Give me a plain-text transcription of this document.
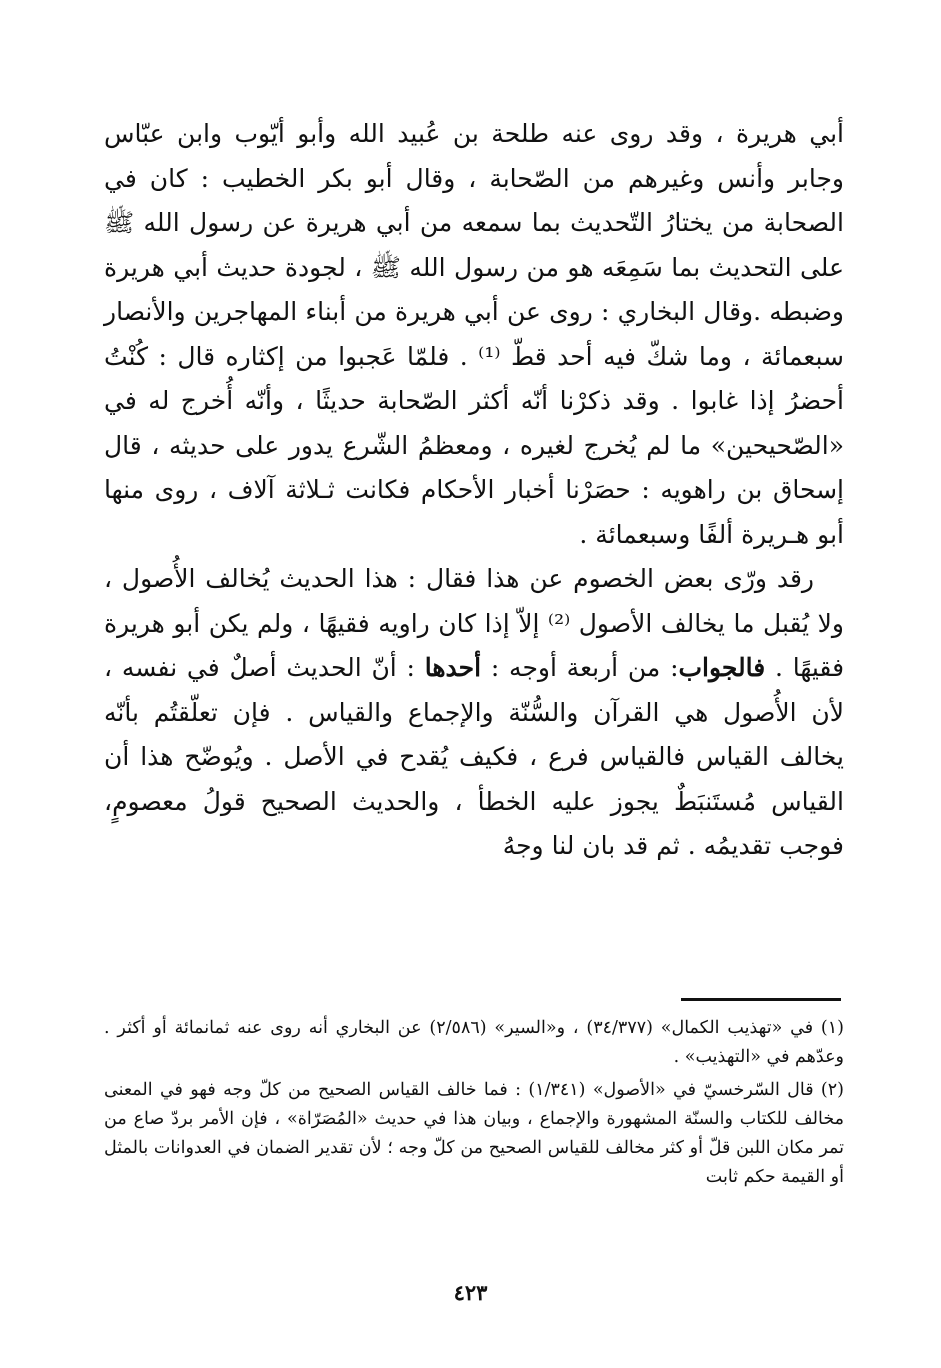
أبي هريرة ، وقد روى عنه طلحة بن عُبيد الله وأبو أيّوب وابن عبّاس وجابر وأنس وغيرهم من الصّحابة ، وقال أبو بكر الخطيب : كان في الصحابة من يختارُ التّحديث بما سمعه من أبي هريرة عن رسول الله ﷺ على التحديث بما سَمِعَه هو من رسول الله ﷺ ، لجودة حديث أبي هريرة وضبطه .وقال البخاري : روى عن أبي هريرة من أبناء المهاجرين والأنصار سبعمائة ، وما شكّ فيه أحد قطّ ⁽¹⁾ . فلمّا عَجبوا من إكثاره قال : كُنْتُ أحضرُ إذا غابوا . وقد ذكرْنا أنّه أكثر الصّحابة حديثًا ، وأنّه أُخرج له في «الصّحيحين» ما لم يُخرج لغيره ، ومعظمُ الشّرع يدور على حديثه ، قال إسحاق بن راهويه : حصَرْنا أخبار الأحكام فكانت ثـلاثة آلاف ، روى منها أبو هـريرة ألفًا وسبعمائة .

رقد ورّى بعض الخصوم عن هذا فقال : هذا الحديث يُخالف الأُصول ، ولا يُقبل ما يخالف الأصول ⁽²⁾ إلاّ إذا كان راويه فقيهًا ، ولم يكن أبو هريرة فقيهًا . فالجواب: من أربعة أوجه : أحدها : أنّ الحديث أصلٌ في نفسه ، لأن الأُصول هي القرآن والسُّنّة والإجماع والقياس . فإن تعلّقتُم بأنّه يخالف القياس فالقياس فرع ، فكيف يُقدح في الأصل . ويُوضّح هذا أن القياس مُستَنبَطٌ يجوز عليه الخطأ ، والحديث الصحيح قولُ معصومٍ، فوجب تقديمُه . ثم قد بان لنا وجهُ

(١) في «تهذيب الكمال» (٣٤/٣٧٧) ، و«السير» (٢/٥٨٦) عن البخاري أنه روى عنه ثمانمائة أو أكثر . وعدّهم في «التهذيب» .

(٢) قال السّرخسيّ في «الأصول» (١/٣٤١) : فما خالف القياس الصحيح من كلّ وجه فهو في المعنى مخالف للكتاب والسنّة المشهورة والإجماع ، وبيان هذا في حديث «المُصَرّاة» ، فإن الأمر بردّ صاع من تمر مكان اللبن قلّ أو كثر مخالف للقياس الصحيح من كلّ وجه ؛ لأن تقدير الضمان في العدوانات بالمثل أو القيمة حكم ثابت

٤٢٣
